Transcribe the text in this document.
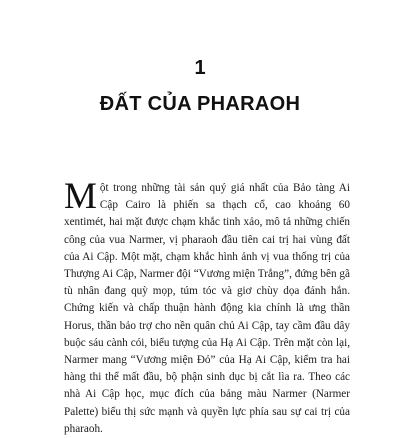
1
ĐẤT CỦA PHARAOH

Một trong những tài sản quý giá nhất của Bảo tàng Ai Cập Cairo là phiến sa thạch cổ, cao khoảng 60 xentimét, hai mặt được chạm khắc tinh xảo, mô tả những chiến công của vua Narmer, vị pharaoh đầu tiên cai trị hai vùng đất của Ai Cập. Một mặt, chạm khắc hình ảnh vị vua thống trị của Thượng Ai Cập, Narmer đội “Vương miện Trắng”, đứng bên gã tù nhân đang quỳ mọp, túm tóc và giơ chùy dọa đánh hắn. Chứng kiến và chấp thuận hành động kia chính là ưng thần Horus, thần bảo trợ cho nền quân chủ Ai Cập, tay cầm đầu dây buộc sáu cành cói, biểu tượng của Hạ Ai Cập. Trên mặt còn lại, Narmer mang “Vương miện Đỏ” của Hạ Ai Cập, kiểm tra hai hàng thi thể mất đầu, bộ phận sinh dục bị cắt lìa ra. Theo các nhà Ai Cập học, mục đích của bảng màu Narmer (Narmer Palette) biểu thị sức mạnh và quyền lực phía sau sự cai trị của pharaoh.
